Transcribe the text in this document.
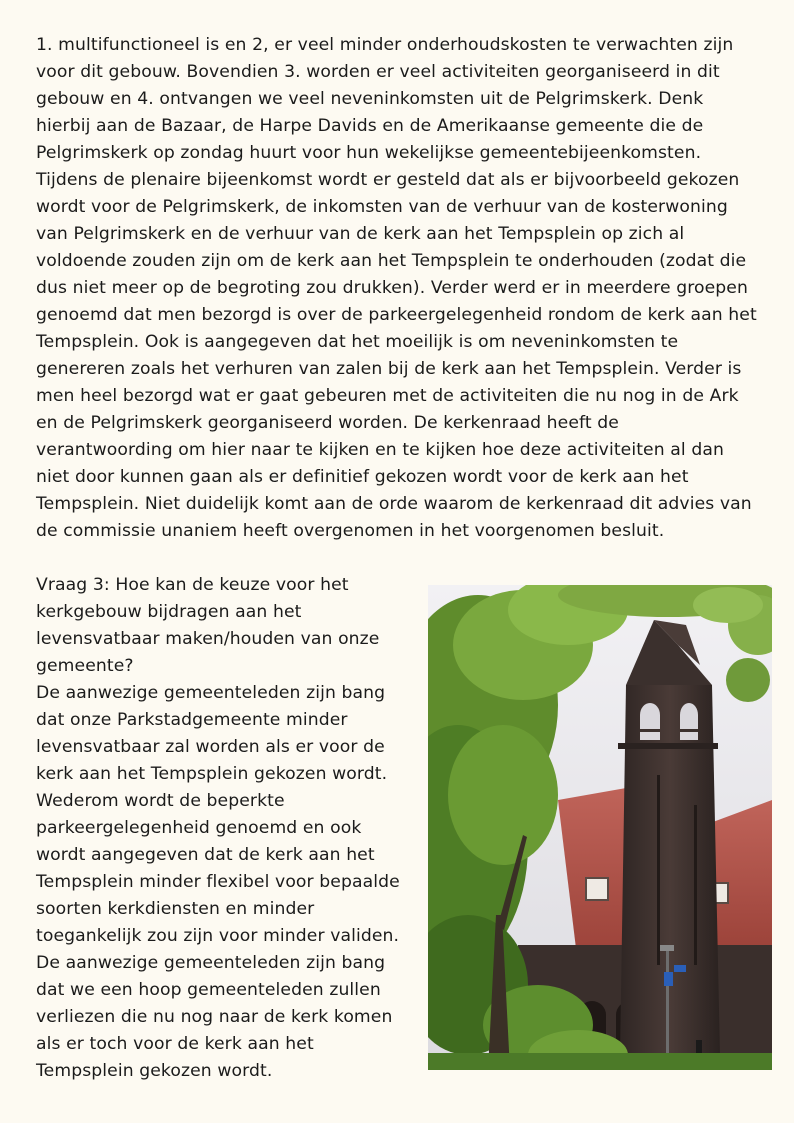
1. multifunctioneel is en 2, er veel minder onderhoudskosten te verwachten zijn voor dit gebouw. Bovendien 3. worden er veel activiteiten georganiseerd in dit gebouw en 4. ontvangen we veel neveninkomsten uit de Pelgrimskerk. Denk hierbij aan de Bazaar, de Harpe Davids en de Amerikaanse gemeente die de Pelgrimskerk op zondag huurt voor hun wekelijkse gemeentebijeenkomsten. Tijdens de plenaire bijeenkomst wordt er gesteld dat als er bijvoorbeeld gekozen wordt voor de Pelgrimskerk, de inkomsten van de verhuur van de kosterwoning van Pelgrimskerk en de verhuur van de kerk aan het Tempsplein op zich al voldoende zouden zijn om de kerk aan het Tempsplein te onderhouden (zodat die dus niet meer op de begroting zou drukken). Verder werd er in meerdere groepen genoemd dat men bezorgd is over de parkeergelegenheid rondom de kerk aan het Tempsplein. Ook is aangegeven dat het moeilijk is om neveninkomsten te genereren zoals het verhuren van zalen bij de kerk aan het Tempsplein. Verder is men heel bezorgd wat er gaat gebeuren met de activiteiten die nu nog in de Ark en de Pelgrimskerk georganiseerd worden. De kerkenraad heeft de verantwoording om hier naar te kijken en te kijken hoe deze activiteiten al dan niet door kunnen gaan als er definitief gekozen wordt voor de kerk aan het Tempsplein. Niet duidelijk komt aan de orde waarom de kerkenraad dit advies van de commissie unaniem heeft overgenomen in het voorgenomen besluit.

Vraag 3: Hoe kan de keuze voor het kerkgebouw bijdragen aan het levensvatbaar maken/houden van onze gemeente?

De aanwezige gemeenteleden zijn bang dat onze Parkstadgemeente minder levensvatbaar zal worden als er voor de kerk aan het Tempsplein gekozen wordt. Wederom wordt de beperkte parkeergelegenheid genoemd en ook wordt aangegeven dat de kerk aan het Tempsplein minder flexibel voor bepaalde soorten kerkdiensten en minder toegankelijk zou zijn voor minder validen.

De aanwezige gemeenteleden zijn bang dat we een hoop gemeenteleden zullen verliezen die nu nog naar de kerk komen als er toch voor de kerk aan het Tempsplein gekozen wordt.
